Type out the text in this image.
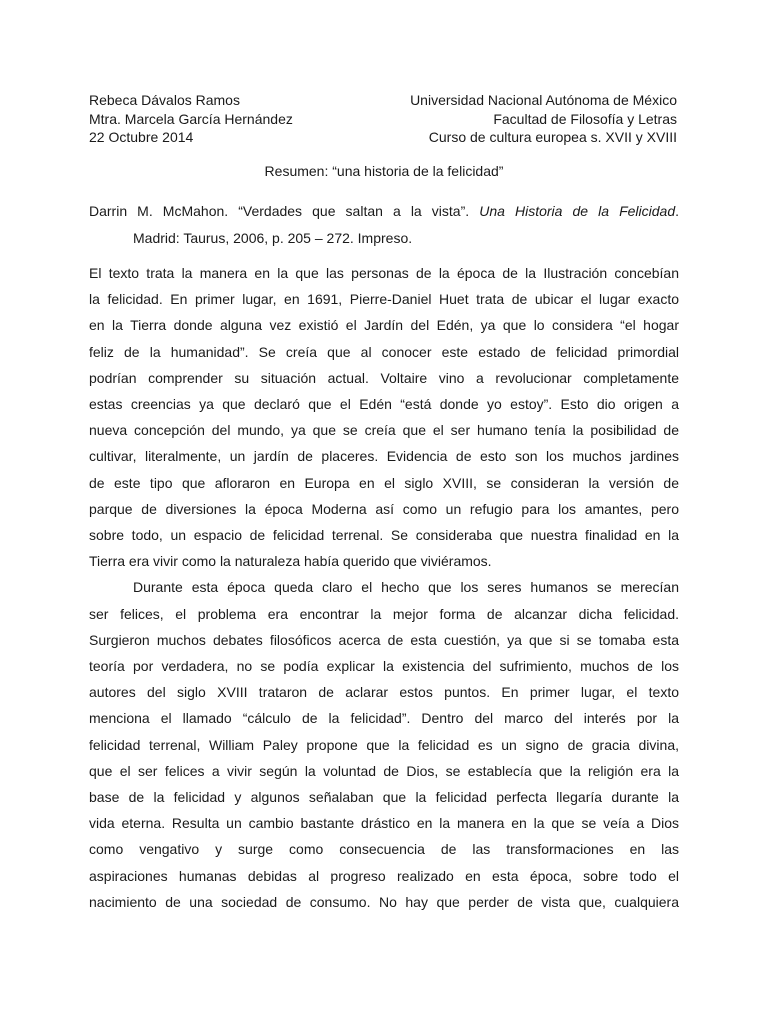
Rebeca Dávalos Ramos	Universidad Nacional Autónoma de México
Mtra. Marcela García Hernández	Facultad de Filosofía y Letras
22 Octubre 2014	Curso de cultura europea s. XVII y XVIII
Resumen: “una historia de la felicidad”
Darrin M. McMahon. “Verdades que saltan a la vista”. Una Historia de la Felicidad.
Madrid: Taurus, 2006, p. 205 – 272. Impreso.
El texto trata la manera en la que las personas de la época de la Ilustración concebían
la felicidad. En primer lugar, en 1691, Pierre-Daniel Huet trata de ubicar el lugar exacto
en la Tierra donde alguna vez existió el Jardín del Edén, ya que lo considera “el hogar
feliz de la humanidad”. Se creía que al conocer este estado de felicidad primordial
podrían comprender su situación actual. Voltaire vino a revolucionar completamente
estas creencias ya que declaró que el Edén “está donde yo estoy”. Esto dio origen a
nueva concepción del mundo, ya que se creía que el ser humano tenía la posibilidad de
cultivar, literalmente, un jardín de placeres. Evidencia de esto son los muchos jardines
de este tipo que afloraron en Europa en el siglo XVIII, se consideran la versión de
parque de diversiones la época Moderna así como un refugio para los amantes, pero
sobre todo, un espacio de felicidad terrenal. Se consideraba que nuestra finalidad en la
Tierra era vivir como la naturaleza había querido que viviéramos.
Durante esta época queda claro el hecho que los seres humanos se merecían
ser felices, el problema era encontrar la mejor forma de alcanzar dicha felicidad.
Surgieron muchos debates filosóficos acerca de esta cuestión, ya que si se tomaba esta
teoría por verdadera, no se podía explicar la existencia del sufrimiento, muchos de los
autores del siglo XVIII trataron de aclarar estos puntos. En primer lugar, el texto
menciona el llamado “cálculo de la felicidad”. Dentro del marco del interés por la
felicidad terrenal, William Paley propone que la felicidad es un signo de gracia divina,
que el ser felices a vivir según la voluntad de Dios, se establecía que la religión era la
base de la felicidad y algunos señalaban que la felicidad perfecta llegaría durante la
vida eterna. Resulta un cambio bastante drástico en la manera en la que se veía a Dios
como vengativo y surge como consecuencia de las transformaciones en las
aspiraciones humanas debidas al progreso realizado en esta época, sobre todo el
nacimiento de una sociedad de consumo. No hay que perder de vista que, cualquiera
